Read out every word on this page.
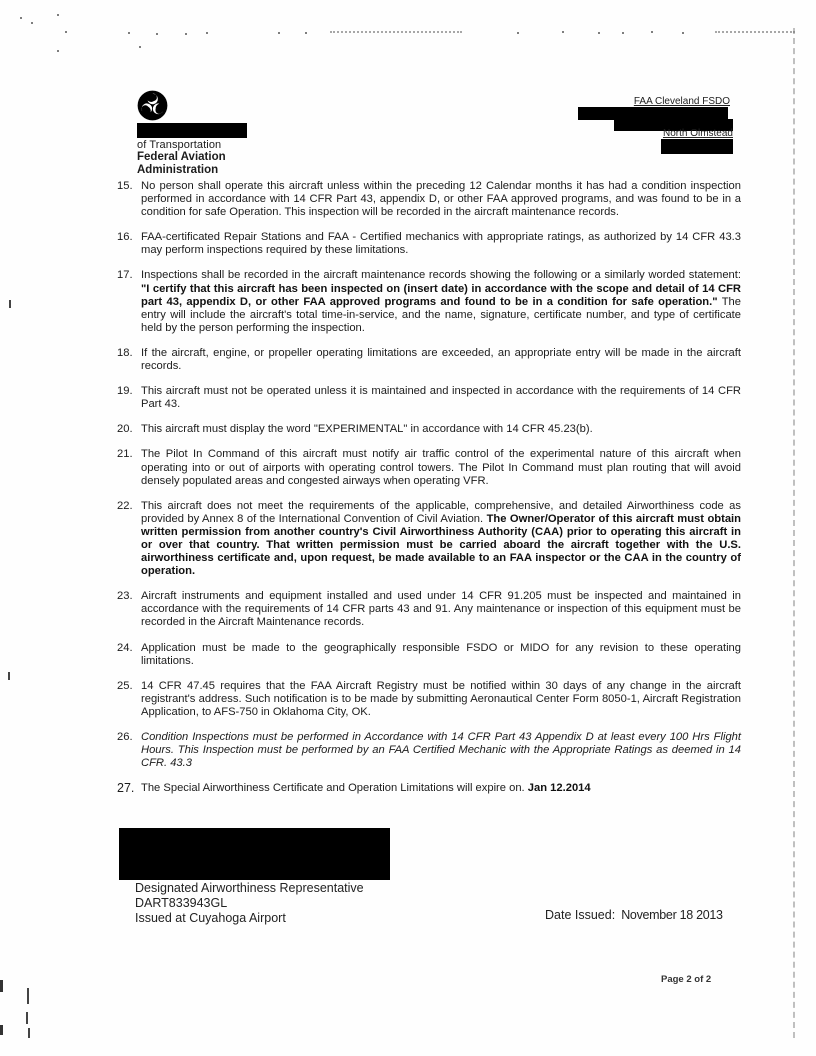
of Transportation
Federal Aviation
Administration
FAA Cleveland FSDO
North Olmstead
15. No person shall operate this aircraft unless within the preceding 12 Calendar months it has had a condition inspection performed in accordance with 14 CFR Part 43, appendix D, or other FAA approved programs, and was found to be in a condition for safe Operation. This inspection will be recorded in the aircraft maintenance records.
16. FAA-certificated Repair Stations and FAA - Certified mechanics with appropriate ratings, as authorized by 14 CFR 43.3 may perform inspections required by these limitations.
17. Inspections shall be recorded in the aircraft maintenance records showing the following or a similarly worded statement: "I certify that this aircraft has been inspected on (insert date) in accordance with the scope and detail of 14 CFR part 43, appendix D, or other FAA approved programs and found to be in a condition for safe operation." The entry will include the aircraft's total time-in-service, and the name, signature, certificate number, and type of certificate held by the person performing the inspection.
18. If the aircraft, engine, or propeller operating limitations are exceeded, an appropriate entry will be made in the aircraft records.
19. This aircraft must not be operated unless it is maintained and inspected in accordance with the requirements of 14 CFR Part 43.
20. This aircraft must display the word "EXPERIMENTAL" in accordance with 14 CFR 45.23(b).
21. The Pilot In Command of this aircraft must notify air traffic control of the experimental nature of this aircraft when operating into or out of airports with operating control towers. The Pilot In Command must plan routing that will avoid densely populated areas and congested airways when operating VFR.
22. This aircraft does not meet the requirements of the applicable, comprehensive, and detailed Airworthiness code as provided by Annex 8 of the International Convention of Civil Aviation. The Owner/Operator of this aircraft must obtain written permission from another country's Civil Airworthiness Authority (CAA) prior to operating this aircraft in or over that country. That written permission must be carried aboard the aircraft together with the U.S. airworthiness certificate and, upon request, be made available to an FAA inspector or the CAA in the country of operation.
23. Aircraft instruments and equipment installed and used under 14 CFR 91.205 must be inspected and maintained in accordance with the requirements of 14 CFR parts 43 and 91. Any maintenance or inspection of this equipment must be recorded in the Aircraft Maintenance records.
24. Application must be made to the geographically responsible FSDO or MIDO for any revision to these operating limitations.
25. 14 CFR 47.45 requires that the FAA Aircraft Registry must be notified within 30 days of any change in the aircraft registrant's address. Such notification is to be made by submitting Aeronautical Center Form 8050-1, Aircraft Registration Application, to AFS-750 in Oklahoma City, OK.
26. Condition Inspections must be performed in Accordance with 14 CFR Part 43 Appendix D at least every 100 Hrs Flight Hours. This Inspection must be performed by an FAA Certified Mechanic with the Appropriate Ratings as deemed in 14 CFR. 43.3
27. The Special Airworthiness Certificate and Operation Limitations will expire on. Jan 12.2014
Designated Airworthiness Representative
DART833943GL
Issued at Cuyahoga Airport	Date Issued: November 18 2013
Page 2 of 2
